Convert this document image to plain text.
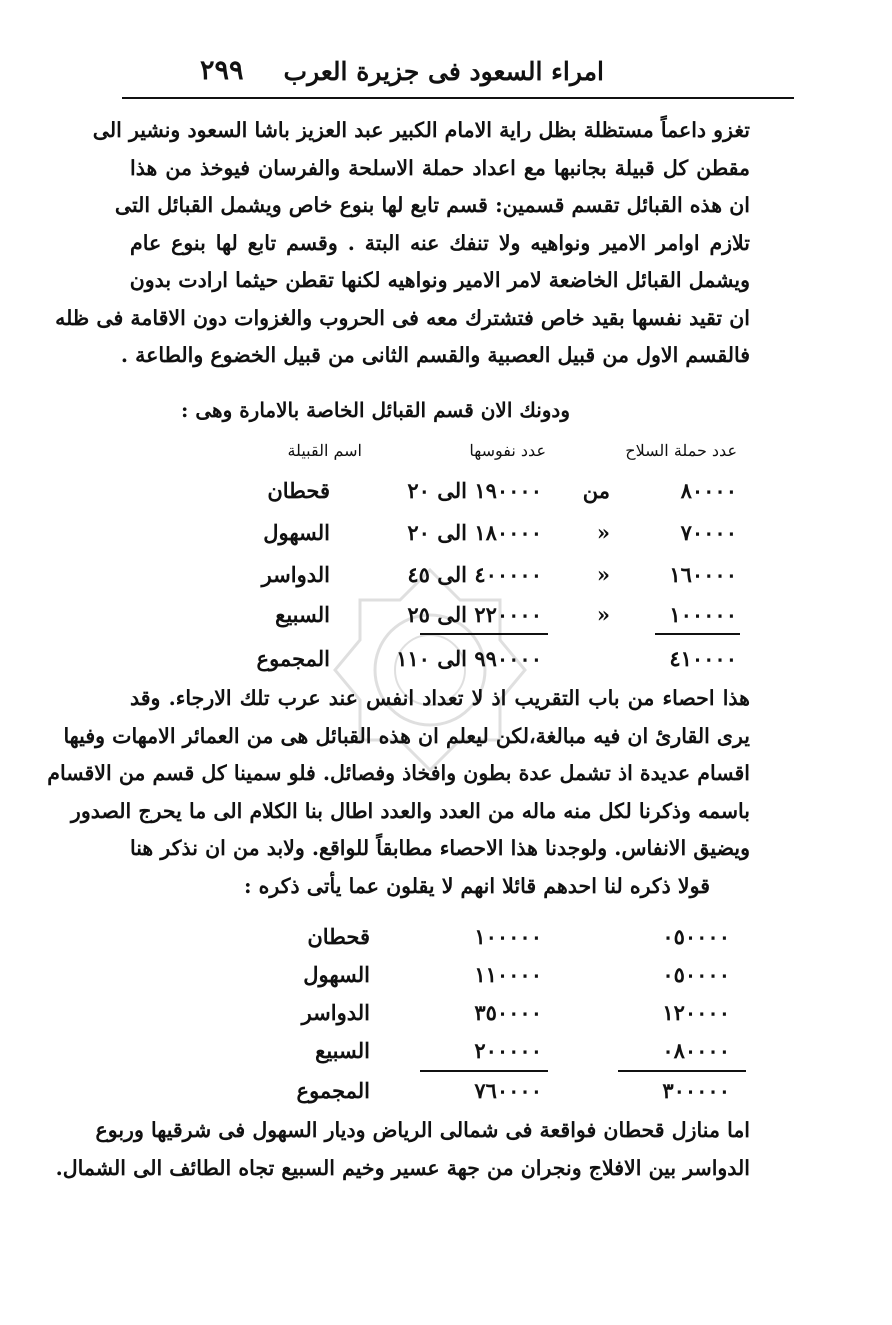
امراء السعود فى جزيرة العرب
٢٩٩
تغزو داعماً مستظلة بظل راية الامام الكبير عبد العزيز باشا السعود ونشير الى
مقطن كل قبيلة بجانبها مع اعداد حملة الاسلحة والفرسان فيوخذ من هذا
ان هذه القبائل تقسم قسمين: قسم تابع لها بنوع خاص ويشمل القبائل التى
تلازم اوامر الامير ونواهيه ولا تنفك عنه البتة . وقسم تابع لها بنوع عام
ويشمل القبائل الخاضعة لامر الامير ونواهيه لكنها تقطن حيثما ارادت بدون
ان تقيد نفسها بقيد خاص فتشترك معه فى الحروب والغزوات دون الاقامة فى ظله
فالقسم الاول من قبيل العصبية والقسم الثانى من قبيل الخضوع والطاعة .
ودونك الان قسم القبائل الخاصة بالامارة وهى :
عدد حملة السلاح
عدد نفوسها
اسم القبيلة
٨٠٠٠٠
من
١٩٠٠٠٠ الى ٢٠
قحطان
٧٠٠٠٠
«
١٨٠٠٠٠ الى ٢٠
السهول
١٦٠٠٠٠
«
٤٠٠٠٠٠ الى ٤٥
الدواسر
١٠٠٠٠٠
«
٢٢٠٠٠٠ الى ٢٥
السبيع
٤١٠٠٠٠
٩٩٠٠٠٠ الى ١١٠
المجموع
هذا احصاء من باب التقريب اذ لا تعداد انفس عند عرب تلك الارجاء. وقد
يرى القارئ ان فيه مبالغة،لكن ليعلم ان هذه القبائل هى من العمائر الامهات وفيها
اقسام عديدة اذ تشمل عدة بطون وافخاذ وفصائل. فلو سمينا كل قسم من الاقسام
باسمه وذكرنا لكل منه ماله من العدد والعدد اطال بنا الكلام الى ما يحرج الصدور
ويضيق الانفاس. ولوجدنا هذا الاحصاء مطابقاً للواقع. ولابد من ان نذكر هنا
قولا ذكره لنا احدهم قائلا انهم لا يقلون عما يأتى ذكره :
٠٥٠٠٠٠
١٠٠٠٠٠
قحطان
٠٥٠٠٠٠
١١٠٠٠٠
السهول
١٢٠٠٠٠
٣٥٠٠٠٠
الدواسر
٠٨٠٠٠٠
٢٠٠٠٠٠
السبيع
٣٠٠٠٠٠
٧٦٠٠٠٠
المجموع
اما منازل قحطان فواقعة فى شمالى الرياض وديار السهول فى شرقيها وربوع
الدواسر بين الافلاج ونجران من جهة عسير وخيم السبيع تجاه الطائف الى الشمال.
